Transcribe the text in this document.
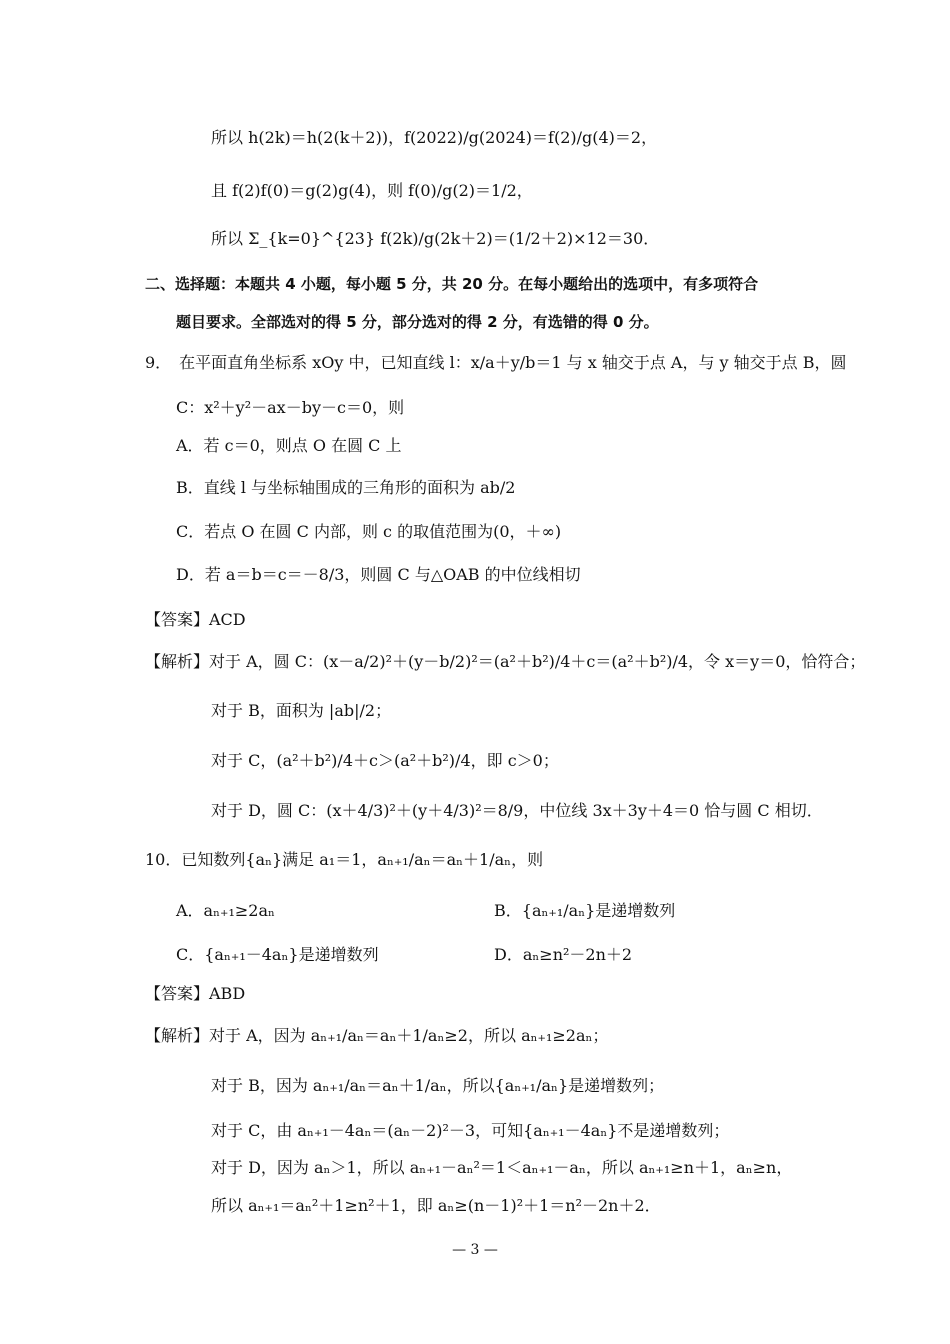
所以 h(2k)＝h(2(k＋2))，f(2022)/g(2024)＝f(2)/g(4)＝2，
且 f(2)f(0)＝g(2)g(4)，则 f(0)/g(2)＝1/2，
所以 Σ_{k=0}^{23} f(2k)/g(2k＋2)＝(1/2＋2)×12＝30．
二、选择题：本题共 4 小题，每小题 5 分，共 20 分。在每小题给出的选项中，有多项符合
题目要求。全部选对的得 5 分，部分选对的得 2 分，有选错的得 0 分。
9．　在平面直角坐标系 xOy 中，已知直线 l：x/a＋y/b＝1 与 x 轴交于点 A，与 y 轴交于点 B，圆
C：x²＋y²－ax－by－c＝0，则
A．若 c＝0，则点 O 在圆 C 上
B．直线 l 与坐标轴围成的三角形的面积为 ab/2
C．若点 O 在圆 C 内部，则 c 的取值范围为(0，＋∞)
D．若 a＝b＝c＝－8/3，则圆 C 与△OAB 的中位线相切
【答案】ACD
【解析】对于 A，圆 C：(x－a/2)²＋(y－b/2)²＝(a²＋b²)/4＋c＝(a²＋b²)/4，令 x＝y＝0，恰符合；
对于 B，面积为 |ab|/2；
对于 C，(a²＋b²)/4＋c＞(a²＋b²)/4，即 c＞0；
对于 D，圆 C：(x＋4/3)²＋(y＋4/3)²＝8/9，中位线 3x＋3y＋4＝0 恰与圆 C 相切．
10．已知数列{aₙ}满足 a₁＝1，aₙ₊₁/aₙ＝aₙ＋1/aₙ，则
A．aₙ₊₁≥2aₙ	B．{aₙ₊₁/aₙ}是递增数列
C．{aₙ₊₁－4aₙ}是递增数列	D．aₙ≥n²－2n＋2
【答案】ABD
【解析】对于 A，因为 aₙ₊₁/aₙ＝aₙ＋1/aₙ≥2，所以 aₙ₊₁≥2aₙ；
对于 B，因为 aₙ₊₁/aₙ＝aₙ＋1/aₙ，所以{aₙ₊₁/aₙ}是递增数列；
对于 C，由 aₙ₊₁－4aₙ＝(aₙ－2)²－3，可知{aₙ₊₁－4aₙ}不是递增数列；
对于 D，因为 aₙ＞1，所以 aₙ₊₁－aₙ²＝1＜aₙ₊₁－aₙ，所以 aₙ₊₁≥n＋1，aₙ≥n，
所以 aₙ₊₁＝aₙ²＋1≥n²＋1，即 aₙ≥(n－1)²＋1＝n²－2n＋2．
— 3 —
